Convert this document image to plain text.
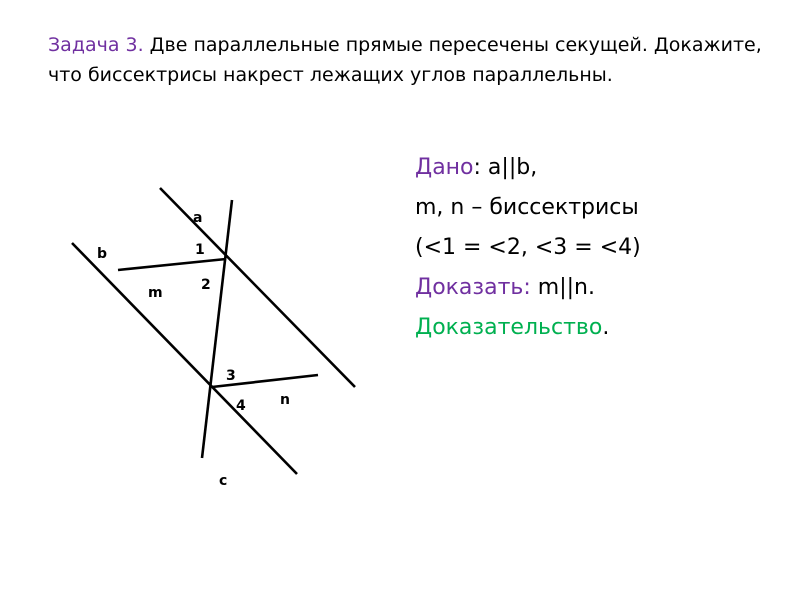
Задача 3. Две параллельные прямые пересечены секущей. Докажите, что биссектрисы накрест лежащих углов параллельны.
a
b
c
m
n
1
2
3
4
Дано: a||b,
m, n – биссектрисы
(<1 = <2, <3 = <4)
Доказать: m||n.
Доказательство.
